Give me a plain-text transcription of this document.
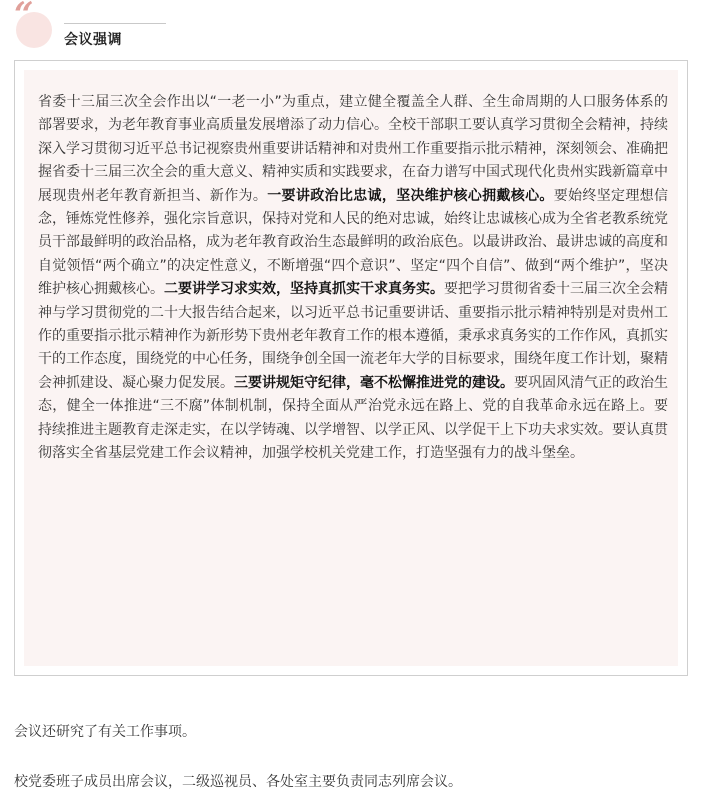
“
会议强调

省委十三届三次全会作出以“一老一小”为重点，建立健全覆盖全人群、全生命周期的人口服务体系的部署要求，为老年教育事业高质量发展增添了动力信心。全校干部职工要认真学习贯彻全会精神，持续深入学习贯彻习近平总书记视察贵州重要讲话精神和对贵州工作重要指示批示精神，深刻领会、准确把握省委十三届三次全会的重大意义、精神实质和实践要求，在奋力谱写中国式现代化贵州实践新篇章中展现贵州老年教育新担当、新作为。一要讲政治比忠诚，坚决维护核心拥戴核心。要始终坚定理想信念，锤炼党性修养，强化宗旨意识，保持对党和人民的绝对忠诚，始终让忠诚核心成为全省老教系统党员干部最鲜明的政治品格，成为老年教育政治生态最鲜明的政治底色。以最讲政治、最讲忠诚的高度和自觉领悟“两个确立”的决定性意义，不断增强“四个意识”、坚定“四个自信”、做到“两个维护”，坚决维护核心拥戴核心。二要讲学习求实效，坚持真抓实干求真务实。要把学习贯彻省委十三届三次全会精神与学习贯彻党的二十大报告结合起来，以习近平总书记重要讲话、重要指示批示精神特别是对贵州工作的重要指示批示精神作为新形势下贵州老年教育工作的根本遵循，秉承求真务实的工作作风，真抓实干的工作态度，围绕党的中心任务，围绕争创全国一流老年大学的目标要求，围绕年度工作计划，聚精会神抓建设、凝心聚力促发展。三要讲规矩守纪律，毫不松懈推进党的建设。要巩固风清气正的政治生态，健全一体推进“三不腐”体制机制，保持全面从严治党永远在路上、党的自我革命永远在路上。要持续推进主题教育走深走实，在以学铸魂、以学增智、以学正风、以学促干上下功夫求实效。要认真贯彻落实全省基层党建工作会议精神，加强学校机关党建工作，打造坚强有力的战斗堡垒。

会议还研究了有关工作事项。

校党委班子成员出席会议，二级巡视员、各处室主要负责同志列席会议。
